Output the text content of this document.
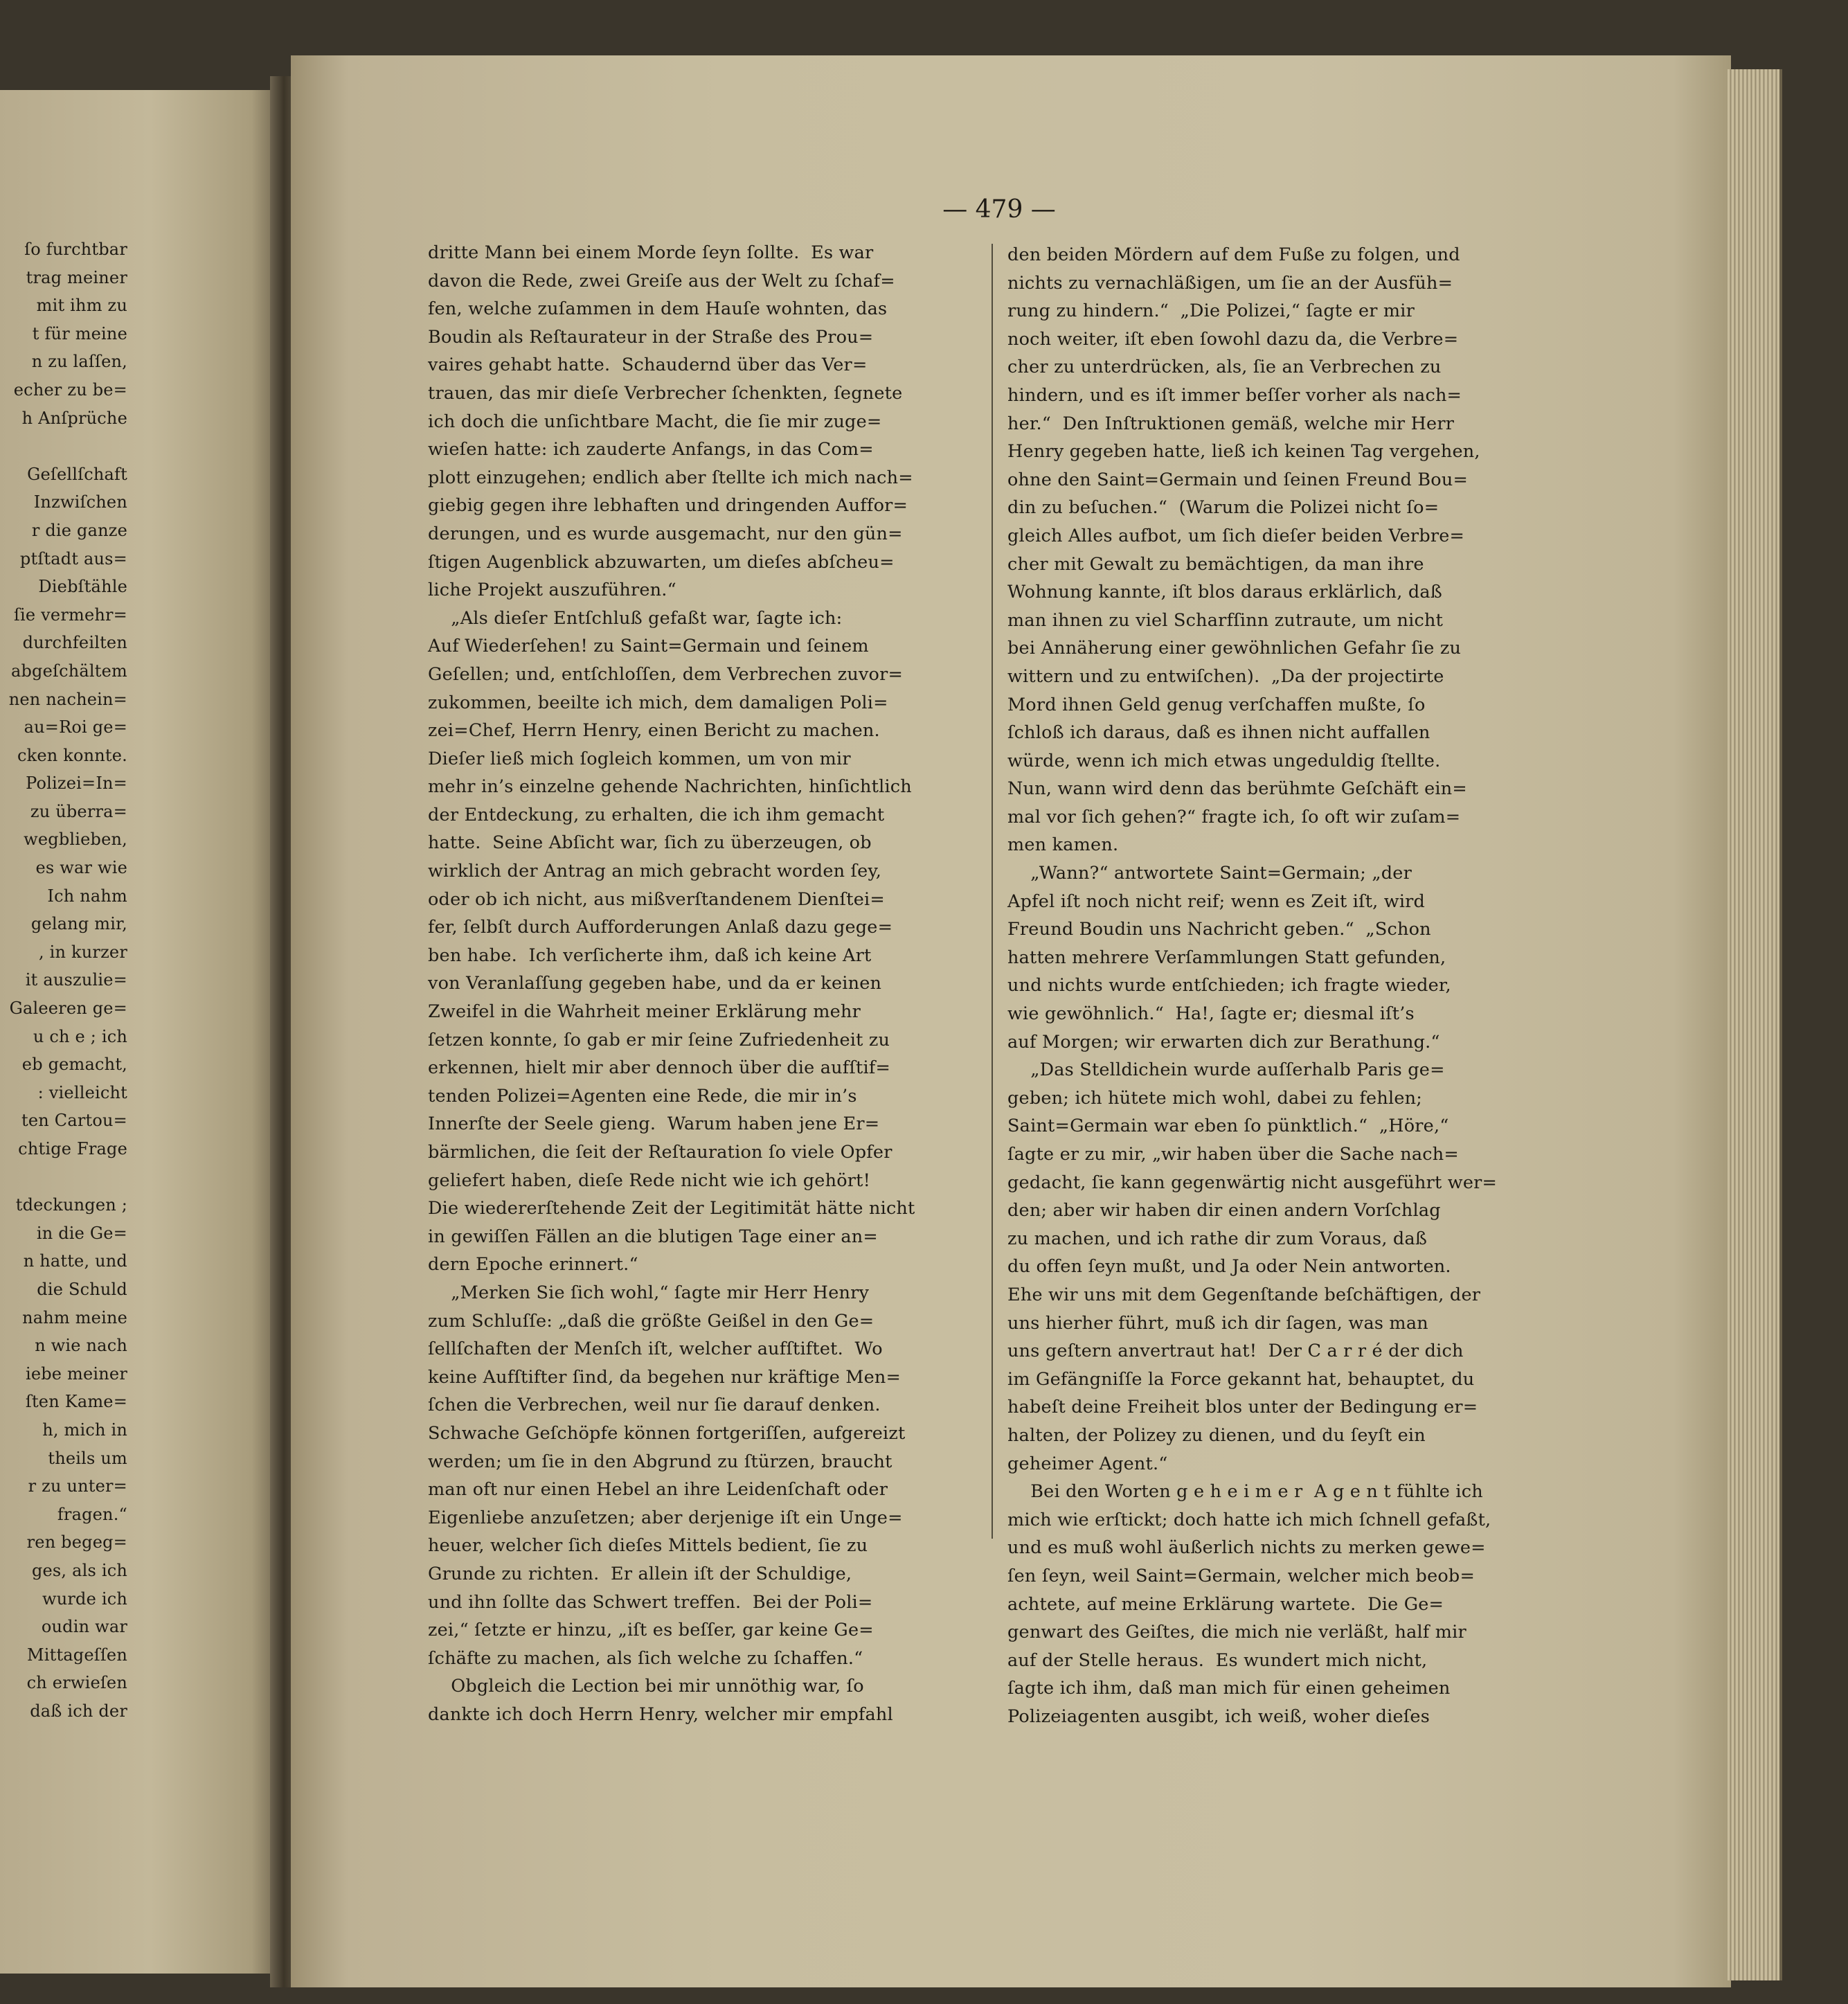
— 479 —
ſo furchtbar
trag meiner
mit ihm zu
t für meine
n zu laſſen,
echer zu be=
h Anſprüche

Geſellſchaft
Inzwiſchen
r die ganze
ptſtadt aus=
Diebſtähle
ſie vermehr=
durchfeilten
abgeſchältem
nen nachein=
au=Roi ge=
cken konnte.
Polizei=In=
zu überra=
wegblieben,
es war wie
Ich nahm
gelang mir,
, in kurzer
it auszulie=
Galeeren ge=
u ch e ; ich
eb gemacht,
: vielleicht
ten Cartou=
chtige Frage

tdeckungen ;
in die Ge=
n hatte, und
die Schuld
nahm meine
n wie nach
iebe meiner
ſten Kame=
h, mich in
theils um
r zu unter=
fragen.“
ren begeg=
ges, als ich
wurde ich
oudin war
Mittageſſen
ch erwieſen
daß ich der
dritte Mann bei einem Morde ſeyn ſollte.  Es war
davon die Rede, zwei Greiſe aus der Welt zu ſchaf=
fen, welche zuſammen in dem Hauſe wohnten, das
Boudin als Reſtaurateur in der Straße des Prou=
vaires gehabt hatte.  Schaudernd über das Ver=
trauen, das mir dieſe Verbrecher ſchenkten, ſegnete
ich doch die unſichtbare Macht, die ſie mir zuge=
wieſen hatte: ich zauderte Anfangs, in das Com=
plott einzugehen; endlich aber ſtellte ich mich nach=
giebig gegen ihre lebhaften und dringenden Auffor=
derungen, und es wurde ausgemacht, nur den gün=
ſtigen Augenblick abzuwarten, um dieſes abſcheu=
liche Projekt auszuführen.“
„Als dieſer Entſchluß gefaßt war, ſagte ich:
Auf Wiederſehen! zu Saint=Germain und ſeinem
Geſellen; und, entſchloſſen, dem Verbrechen zuvor=
zukommen, beeilte ich mich, dem damaligen Poli=
zei=Chef, Herrn Henry, einen Bericht zu machen.
Dieſer ließ mich ſogleich kommen, um von mir
mehr in’s einzelne gehende Nachrichten, hinſichtlich
der Entdeckung, zu erhalten, die ich ihm gemacht
hatte.  Seine Abſicht war, ſich zu überzeugen, ob
wirklich der Antrag an mich gebracht worden ſey,
oder ob ich nicht, aus mißverſtandenem Dienſtei=
fer, ſelbſt durch Aufforderungen Anlaß dazu gege=
ben habe.  Ich verſicherte ihm, daß ich keine Art
von Veranlaſſung gegeben habe, und da er keinen
Zweifel in die Wahrheit meiner Erklärung mehr
ſetzen konnte, ſo gab er mir ſeine Zufriedenheit zu
erkennen, hielt mir aber dennoch über die aufſtif=
tenden Polizei=Agenten eine Rede, die mir in’s
Innerſte der Seele gieng.  Warum haben jene Er=
bärmlichen, die ſeit der Reſtauration ſo viele Opfer
geliefert haben, dieſe Rede nicht wie ich gehört!
Die wiedererſtehende Zeit der Legitimität hätte nicht
in gewiſſen Fällen an die blutigen Tage einer an=
dern Epoche erinnert.“
„Merken Sie ſich wohl,“ ſagte mir Herr Henry
zum Schluſſe: „daß die größte Geißel in den Ge=
ſellſchaften der Menſch iſt, welcher aufſtiftet.  Wo
keine Aufſtifter ſind, da begehen nur kräftige Men=
ſchen die Verbrechen, weil nur ſie darauf denken.
Schwache Geſchöpfe können fortgeriſſen, aufgereizt
werden; um ſie in den Abgrund zu ſtürzen, braucht
man oft nur einen Hebel an ihre Leidenſchaft oder
Eigenliebe anzuſetzen; aber derjenige iſt ein Unge=
heuer, welcher ſich dieſes Mittels bedient, ſie zu
Grunde zu richten.  Er allein iſt der Schuldige,
und ihn ſollte das Schwert treffen.  Bei der Poli=
zei,“ ſetzte er hinzu, „iſt es beſſer, gar keine Ge=
ſchäfte zu machen, als ſich welche zu ſchaffen.“
Obgleich die Lection bei mir unnöthig war, ſo
dankte ich doch Herrn Henry, welcher mir empfahl
den beiden Mördern auf dem Fuße zu folgen, und
nichts zu vernachläßigen, um ſie an der Ausfüh=
rung zu hindern.“  „Die Polizei,“ ſagte er mir
noch weiter, iſt eben ſowohl dazu da, die Verbre=
cher zu unterdrücken, als, ſie an Verbrechen zu
hindern, und es iſt immer beſſer vorher als nach=
her.“  Den Inſtruktionen gemäß, welche mir Herr
Henry gegeben hatte, ließ ich keinen Tag vergehen,
ohne den Saint=Germain und ſeinen Freund Bou=
din zu beſuchen.“  (Warum die Polizei nicht ſo=
gleich Alles aufbot, um ſich dieſer beiden Verbre=
cher mit Gewalt zu bemächtigen, da man ihre
Wohnung kannte, iſt blos daraus erklärlich, daß
man ihnen zu viel Scharfſinn zutraute, um nicht
bei Annäherung einer gewöhnlichen Gefahr ſie zu
wittern und zu entwiſchen).  „Da der projectirte
Mord ihnen Geld genug verſchaffen mußte, ſo
ſchloß ich daraus, daß es ihnen nicht auffallen
würde, wenn ich mich etwas ungeduldig ſtellte.
Nun, wann wird denn das berühmte Geſchäft ein=
mal vor ſich gehen?“ fragte ich, ſo oft wir zuſam=
men kamen.
„Wann?“ antwortete Saint=Germain; „der
Apfel iſt noch nicht reif; wenn es Zeit iſt, wird
Freund Boudin uns Nachricht geben.“  „Schon
hatten mehrere Verſammlungen Statt gefunden,
und nichts wurde entſchieden; ich fragte wieder,
wie gewöhnlich.“  Ha!, ſagte er; diesmal iſt’s
auf Morgen; wir erwarten dich zur Berathung.“
„Das Stelldichein wurde auſſerhalb Paris ge=
geben; ich hütete mich wohl, dabei zu fehlen;
Saint=Germain war eben ſo pünktlich.“  „Höre,“
ſagte er zu mir, „wir haben über die Sache nach=
gedacht, ſie kann gegenwärtig nicht ausgeführt wer=
den; aber wir haben dir einen andern Vorſchlag
zu machen, und ich rathe dir zum Voraus, daß
du offen ſeyn mußt, und Ja oder Nein antworten.
Ehe wir uns mit dem Gegenſtande beſchäftigen, der
uns hierher führt, muß ich dir ſagen, was man
uns geſtern anvertraut hat!  Der C a r r é der dich
im Gefängniſſe la Force gekannt hat, behauptet, du
habeſt deine Freiheit blos unter der Bedingung er=
halten, der Polizey zu dienen, und du ſeyſt ein
geheimer Agent.“
Bei den Worten g e h e i m e r  A g e n t fühlte ich
mich wie erſtickt; doch hatte ich mich ſchnell gefaßt,
und es muß wohl äußerlich nichts zu merken gewe=
ſen ſeyn, weil Saint=Germain, welcher mich beob=
achtete, auf meine Erklärung wartete.  Die Ge=
genwart des Geiſtes, die mich nie verläßt, half mir
auf der Stelle heraus.  Es wundert mich nicht,
ſagte ich ihm, daß man mich für einen geheimen
Polizeiagenten ausgibt, ich weiß, woher dieſes
